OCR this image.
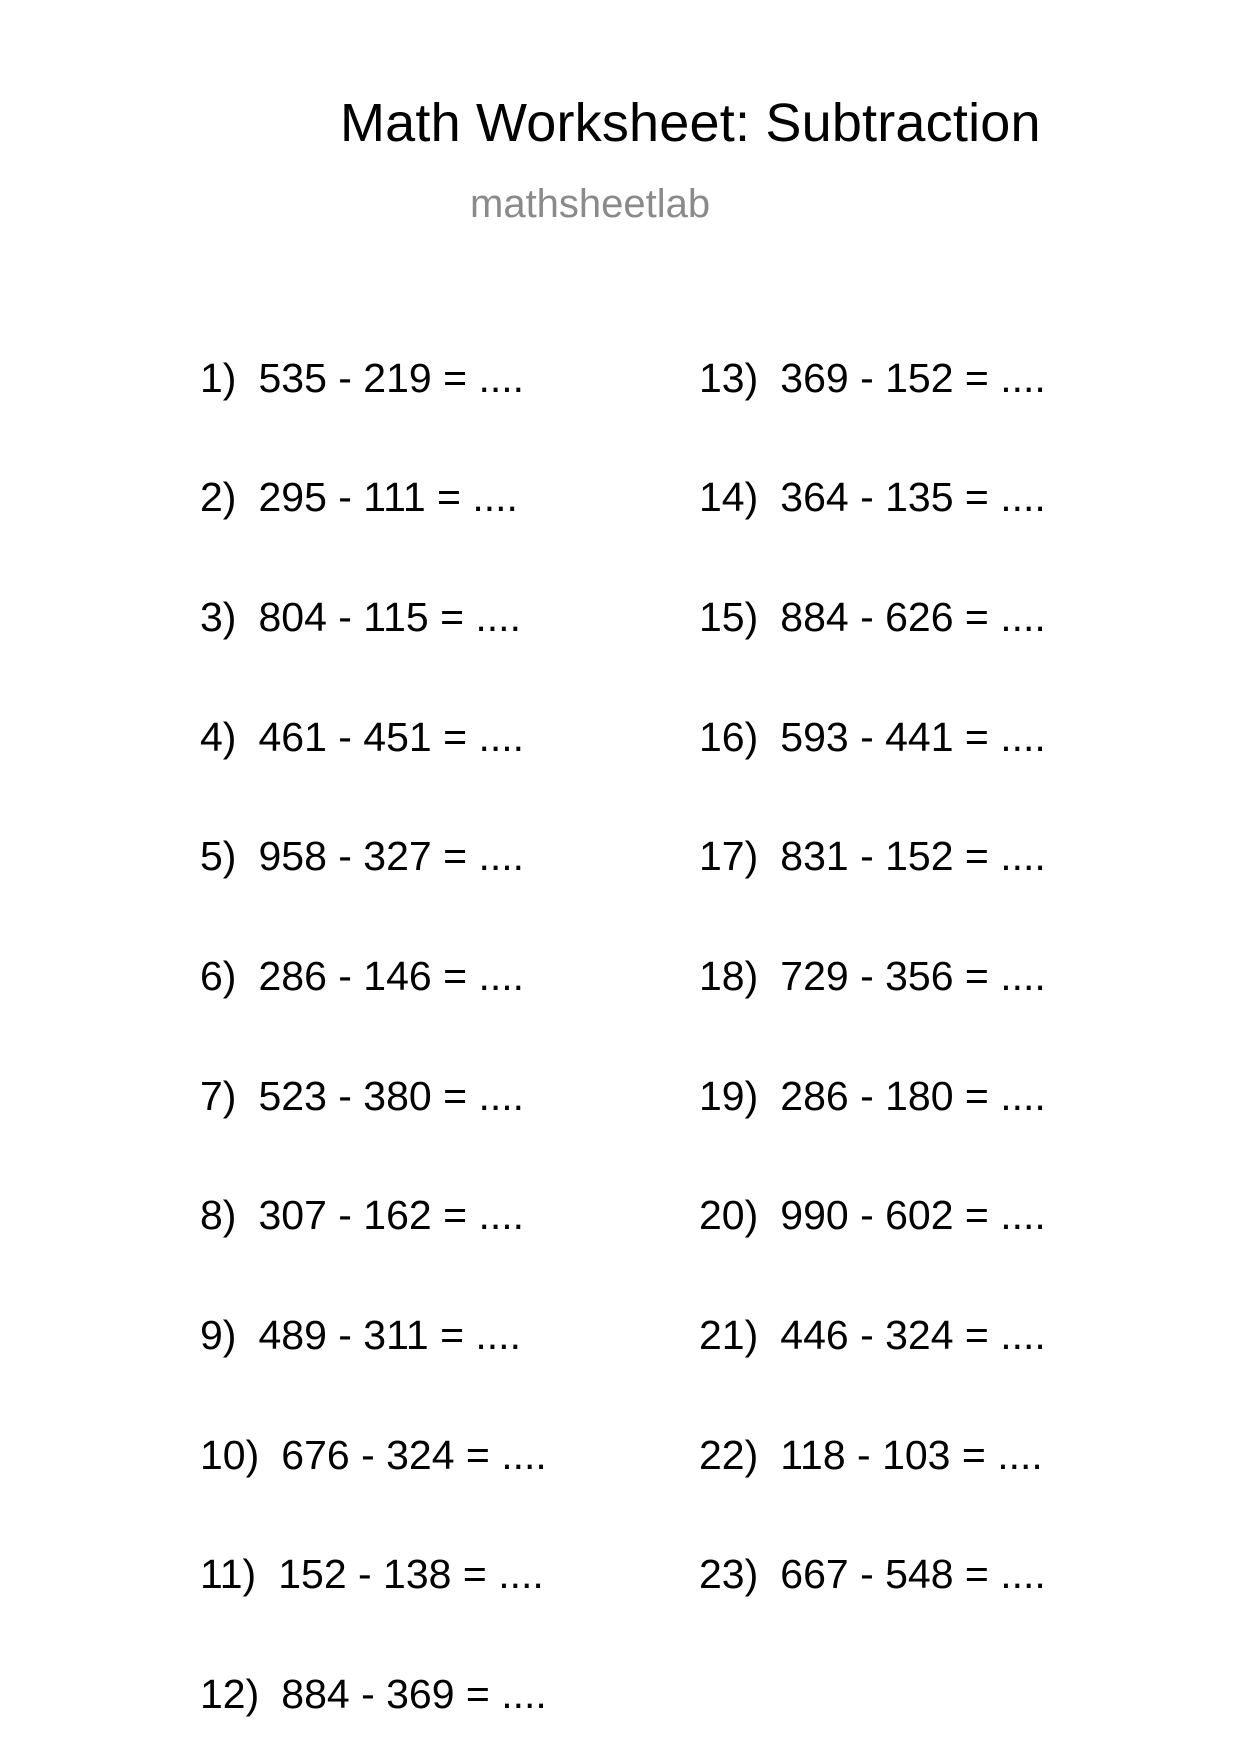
Math Worksheet: Subtraction
mathsheetlab
1) 535 - 219 = ....
2) 295 - 111 = ....
3) 804 - 115 = ....
4) 461 - 451 = ....
5) 958 - 327 = ....
6) 286 - 146 = ....
7) 523 - 380 = ....
8) 307 - 162 = ....
9) 489 - 311 = ....
10) 676 - 324 = ....
11) 152 - 138 = ....
12) 884 - 369 = ....
13) 369 - 152 = ....
14) 364 - 135 = ....
15) 884 - 626 = ....
16) 593 - 441 = ....
17) 831 - 152 = ....
18) 729 - 356 = ....
19) 286 - 180 = ....
20) 990 - 602 = ....
21) 446 - 324 = ....
22) 118 - 103 = ....
23) 667 - 548 = ....
